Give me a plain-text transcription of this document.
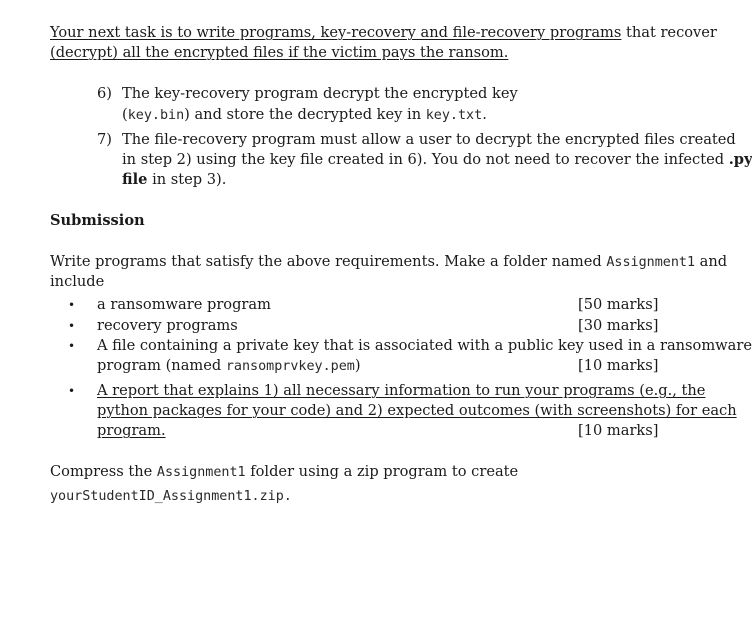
Your next task is to write programs, key-recovery and file-recovery programs that recover
(decrypt) all the encrypted files if the victim pays the ransom.
6) The key-recovery program decrypt the encrypted key
(key.bin) and store the decrypted key in key.txt.
7) The file-recovery program must allow a user to decrypt the encrypted files created
in step 2) using the key file created in 6). You do not need to recover the infected .py
file in step 3).
Submission
Write programs that satisfy the above requirements. Make a folder named Assignment1 and
include
• a ransomware program	[50 marks]
• recovery programs	[30 marks]
• A file containing a private key that is associated with a public key used in a ransomware
program (named ransomprvkey.pem)	[10 marks]
• A report that explains 1) all necessary information to run your programs (e.g., the
python packages for your code) and 2) expected outcomes (with screenshots) for each
program.	[10 marks]
Compress the Assignment1 folder using a zip program to create
yourStudentID_Assignment1.zip.
